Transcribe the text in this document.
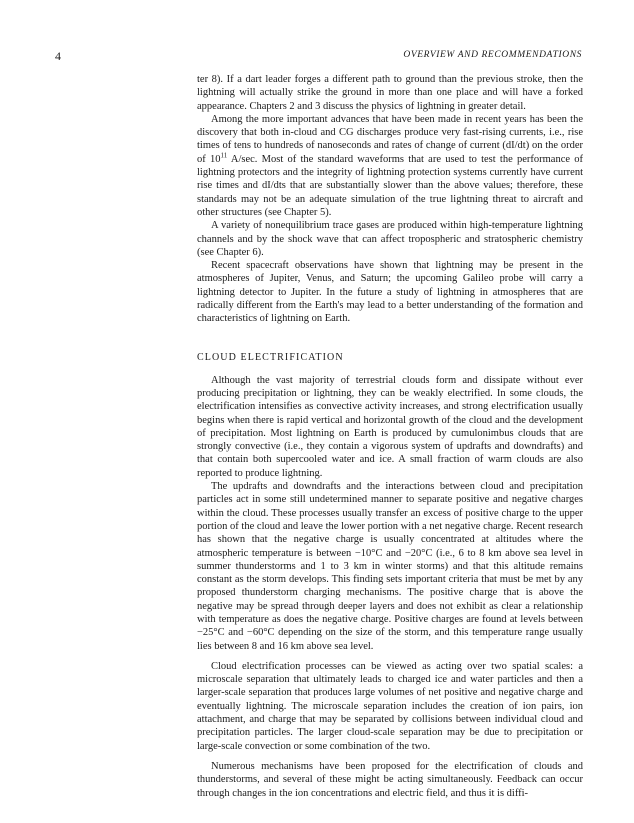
4	OVERVIEW AND RECOMMENDATIONS

ter 8). If a dart leader forges a different path to ground than the previous stroke, then the lightning will actually strike the ground in more than one place and will have a forked appearance. Chapters 2 and 3 discuss the physics of lightning in greater detail.

Among the more important advances that have been made in recent years has been the discovery that both in-cloud and CG discharges produce very fast-rising currents, i.e., rise times of tens to hundreds of nanoseconds and rates of change of current (dI/dt) on the order of $10^{11}$ A/sec. Most of the standard waveforms that are used to test the performance of lightning protectors and the integrity of lightning protection systems currently have current rise times and dI/dts that are substantially slower than the above values; therefore, these standards may not be an adequate simulation of the true lightning threat to aircraft and other structures (see Chapter 5).

A variety of nonequilibrium trace gases are produced within high-temperature lightning channels and by the shock wave that can affect tropospheric and stratospheric chemistry (see Chapter 6).

Recent spacecraft observations have shown that lightning may be present in the atmospheres of Jupiter, Venus, and Saturn; the upcoming Galileo probe will carry a lightning detector to Jupiter. In the future a study of lightning in atmospheres that are radically different from the Earth's may lead to a better understanding of the formation and characteristics of lightning on Earth.

CLOUD ELECTRIFICATION

Although the vast majority of terrestrial clouds form and dissipate without ever producing precipitation or lightning, they can be weakly electrified. In some clouds, the electrification intensifies as convective activity increases, and strong electrification usually begins when there is rapid vertical and horizontal growth of the cloud and the development of precipitation. Most lightning on Earth is produced by cumulonimbus clouds that are strongly convective (i.e., they contain a vigorous system of updrafts and downdrafts) and that contain both supercooled water and ice. A small fraction of warm clouds are also reported to produce lightning.

The updrafts and downdrafts and the interactions between cloud and precipitation particles act in some still undetermined manner to separate positive and negative charges within the cloud. These processes usually transfer an excess of positive charge to the upper portion of the cloud and leave the lower portion with a net negative charge. Recent research has shown that the negative charge is usually concentrated at altitudes where the atmospheric temperature is between −10°C and −20°C (i.e., 6 to 8 km above sea level in summer thunderstorms and 1 to 3 km in winter storms) and that this altitude remains constant as the storm develops. This finding sets important criteria that must be met by any proposed thunderstorm charging mechanisms. The positive charge that is above the negative may be spread through deeper layers and does not exhibit as clear a relationship with temperature as does the negative charge. Positive charges are found at levels between −25°C and −60°C depending on the size of the storm, and this temperature range usually lies between 8 and 16 km above sea level.

Cloud electrification processes can be viewed as acting over two spatial scales: a microscale separation that ultimately leads to charged ice and water particles and then a larger-scale separation that produces large volumes of net positive and negative charge and eventually lightning. The microscale separation includes the creation of ion pairs, ion attachment, and charge that may be separated by collisions between individual cloud and precipitation particles. The larger cloud-scale separation may be due to precipitation or large-scale convection or some combination of the two.

Numerous mechanisms have been proposed for the electrification of clouds and thunderstorms, and several of these might be acting simultaneously. Feedback can occur through changes in the ion concentrations and electric field, and thus it is diffi-
